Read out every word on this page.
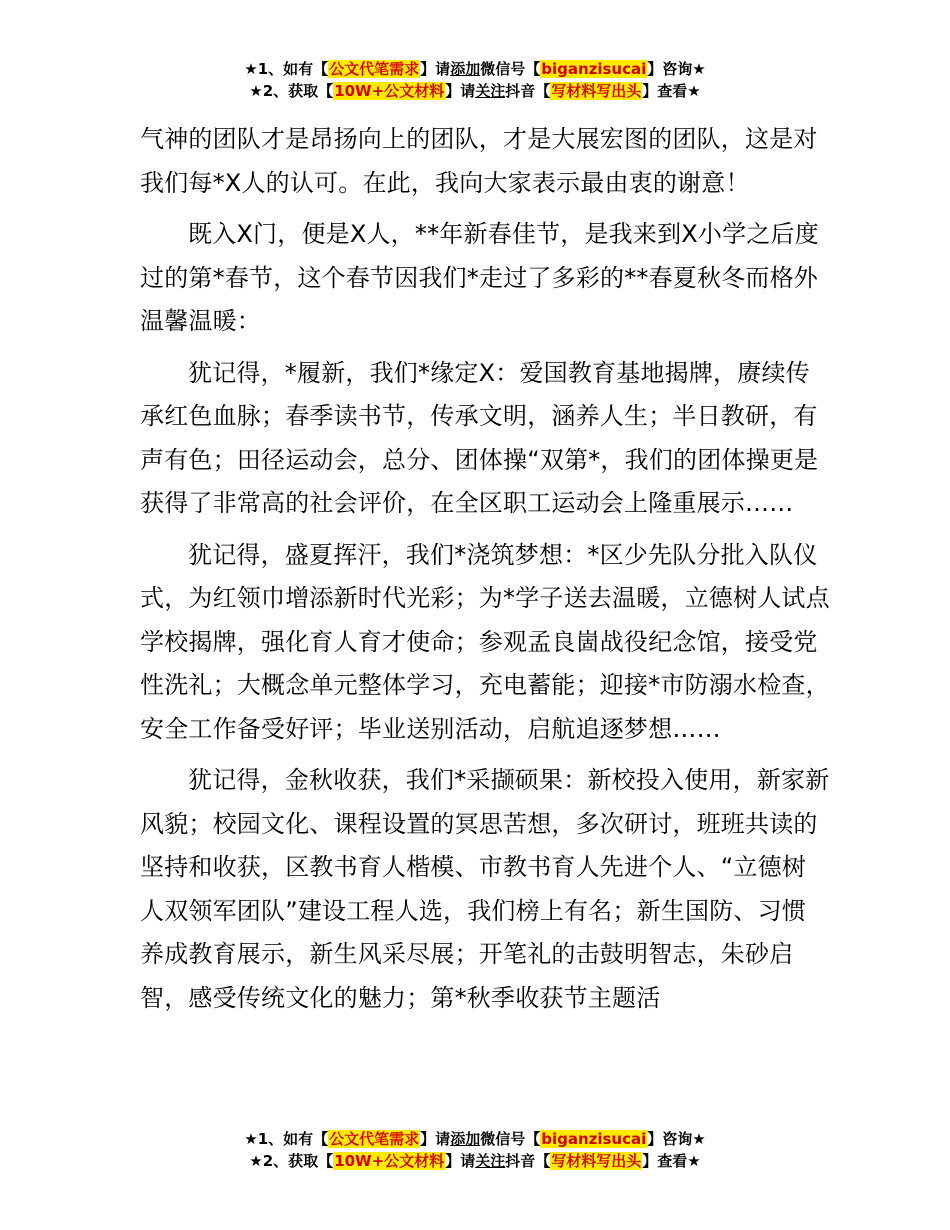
★1、如有【公文代笔需求】请添加微信号【biganzisucai】咨询★
★2、获取【10W+公文材料】请关注抖音【写材料写出头】查看★

气神的团队才是昂扬向上的团队，才是大展宏图的团队，这是对我们每*X人的认可。在此，我向大家表示最由衷的谢意！

既入X门，便是X人，**年新春佳节，是我来到X小学之后度过的第*春节，这个春节因我们*走过了多彩的**春夏秋冬而格外温馨温暖：

犹记得，*履新，我们*缘定X：爱国教育基地揭牌，赓续传承红色血脉；春季读书节，传承文明，涵养人生；半日教研，有声有色；田径运动会，总分、团体操“双第*，我们的团体操更是获得了非常高的社会评价，在全区职工运动会上隆重展示……

犹记得，盛夏挥汗，我们*浇筑梦想：*区少先队分批入队仪式，为红领巾增添新时代光彩；为*学子送去温暖，立德树人试点学校揭牌，强化育人育才使命；参观孟良崮战役纪念馆，接受党性洗礼；大概念单元整体学习，充电蓄能；迎接*市防溺水检查，安全工作备受好评；毕业送别活动，启航追逐梦想……

犹记得，金秋收获，我们*采撷硕果：新校投入使用，新家新风貌；校园文化、课程设置的冥思苦想，多次研讨，班班共读的坚持和收获，区教书育人楷模、市教书育人先进个人、“立德树人双领军团队”建设工程人选，我们榜上有名；新生国防、习惯养成教育展示，新生风采尽展；开笔礼的击鼓明智志，朱砂启智，感受传统文化的魅力；第*秋季收获节主题活

★1、如有【公文代笔需求】请添加微信号【biganzisucai】咨询★
★2、获取【10W+公文材料】请关注抖音【写材料写出头】查看★
